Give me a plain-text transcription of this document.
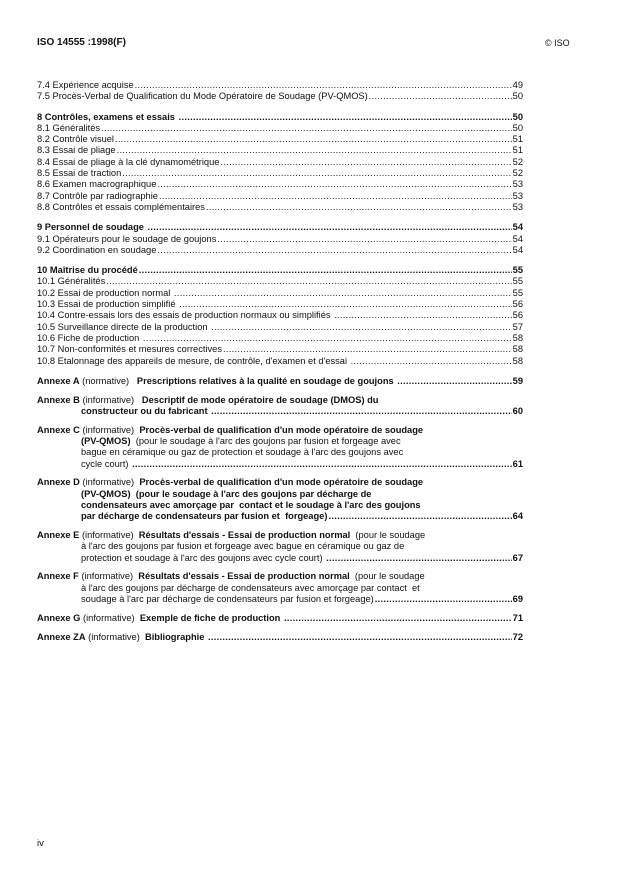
ISO 14555 :1998(F)	© ISO
7.4 Expérience acquise .....	49
7.5 Procès-Verbal de Qualification du Mode Opératoire de Soudage (PV-QMOS) .....	50
8 Contrôles, examens et essais .....	50
8.1 Généralités .....	50
8.2 Contrôle visuel .....	51
8.3 Essai de pliage .....	51
8.4 Essai de pliage à la clé dynamométrique .....	52
8.5 Essai de traction .....	52
8.6 Examen macrographique .....	53
8.7 Contrôle par radiographie .....	53
8.8 Contrôles et essais complémentaires .....	53
9 Personnel de soudage .....	54
9.1 Opérateurs pour le soudage de goujons .....	54
9.2 Coordination en soudage .....	54
10 Maîtrise du procédé .....	55
10.1 Généralités .....	55
10.2 Essai de production normal .....	55
10.3 Essai de production simplifié .....	56
10.4 Contre-essais lors des essais de production normaux ou simplifiés .....	56
10.5 Surveillance directe de la production .....	57
10.6 Fiche de production .....	58
10.7 Non-conformités et mesures correctives .....	58
10.8 Etalonnage des appareils de mesure, de contrôle, d'examen et d'essai .....	58
Annexe A (normative) Prescriptions relatives à la qualité en soudage de goujons .....	59
Annexe B (informative) Descriptif de mode opératoire de soudage (DMOS) du
constructeur ou du fabricant .....	60
Annexe C (informative) Procès-verbal de qualification d'un mode opératoire de soudage
(PV-QMOS) (pour le soudage à l'arc des goujons par fusion et forgeage avec
bague en céramique ou gaz de protection et soudage à l'arc des goujons avec
cycle court) .....	61
Annexe D (informative) Procès-verbal de qualification d'un mode opératoire de soudage
(PV-QMOS)  (pour le soudage à l'arc des goujons par décharge de
condensateurs avec amorçage par  contact et le soudage à l'arc des goujons
par décharge de condensateurs par fusion et  forgeage) .....	64
Annexe E (informative) Résultats d'essais - Essai de production normal (pour le soudage
à l'arc des goujons par fusion et forgeage avec bague en céramique ou gaz de
protection et soudage à l'arc des goujons avec cycle court) .....	67
Annexe F (informative) Résultats d'essais - Essai de production normal (pour le soudage
à l'arc des goujons par décharge de condensateurs avec amorçage par contact  et
soudage à l'arc par décharge de condensateurs par fusion et forgeage) .....	69
Annexe G (informative) Exemple de fiche de production .....	71
Annexe ZA (informative) Bibliographie .....	72
iv
